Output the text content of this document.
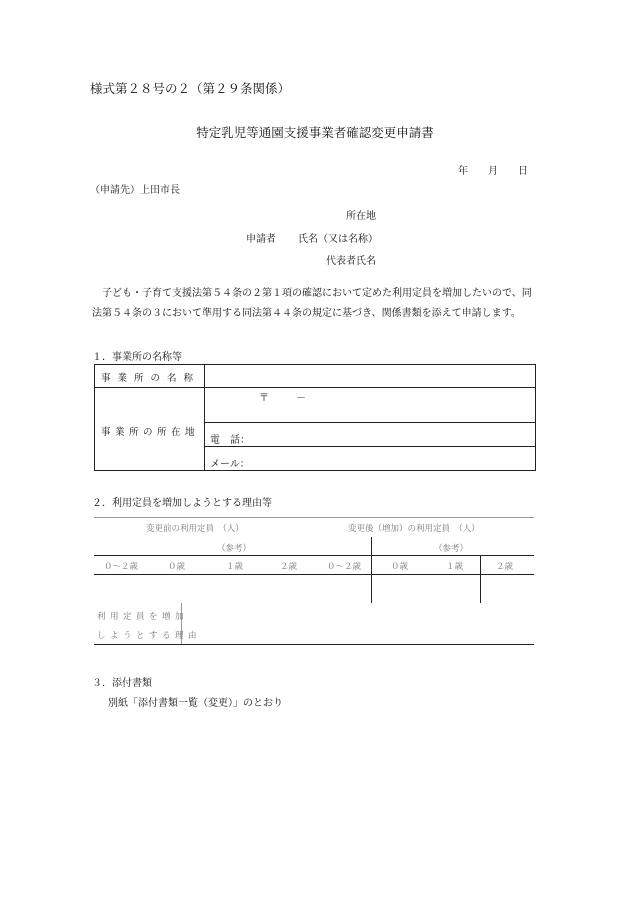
様式第２８号の２（第２９条関係）
特定乳児等通園支援事業者確認変更申請書
年 月 日
（申請先）上田市長
所在地
申請者 氏名（又は名称）
代表者氏名
子ども・子育て支援法第５４条の２第１項の確認において定めた利用定員を増加したいので、同法第５４条の３において準用する同法第４４条の規定に基づき、関係書類を添えて申請します。
１．事業所の名称等
事業所の名称
事業所の所在地
〒	－
電　話：
メール：
２．利用定員を増加しようとする理由等
変更前の利用定員　（人）	変更後（増加）の利用定員　（人）
（参考）	（参考）
０～２歳	０歳	１歳	２歳	０～２歳	０歳	１歳	２歳
利用定員を増加
しようとする理由
３．添付書類
別紙「添付書類一覧（変更）」のとおり
